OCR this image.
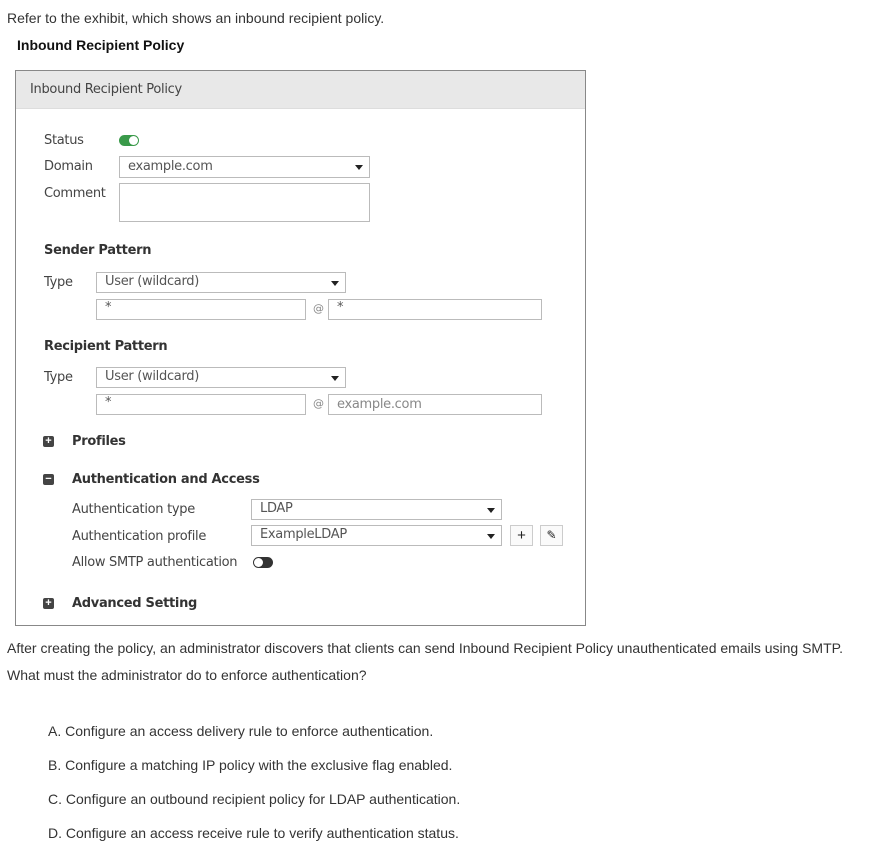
Refer to the exhibit, which shows an inbound recipient policy.
Inbound Recipient Policy
Inbound Recipient Policy
Status
Domain	example.com
Comment
Sender Pattern
Type	User (wildcard)
*	@	*
Recipient Pattern
Type	User (wildcard)
*	@	example.com
+ Profiles
− Authentication and Access
Authentication type	LDAP
Authentication profile	ExampleLDAP	+	✎
Allow SMTP authentication
+ Advanced Setting
After creating the policy, an administrator discovers that clients can send Inbound Recipient Policy unauthenticated emails using SMTP.
What must the administrator do to enforce authentication?
A. Configure an access delivery rule to enforce authentication.
B. Configure a matching IP policy with the exclusive flag enabled.
C. Configure an outbound recipient policy for LDAP authentication.
D. Configure an access receive rule to verify authentication status.
